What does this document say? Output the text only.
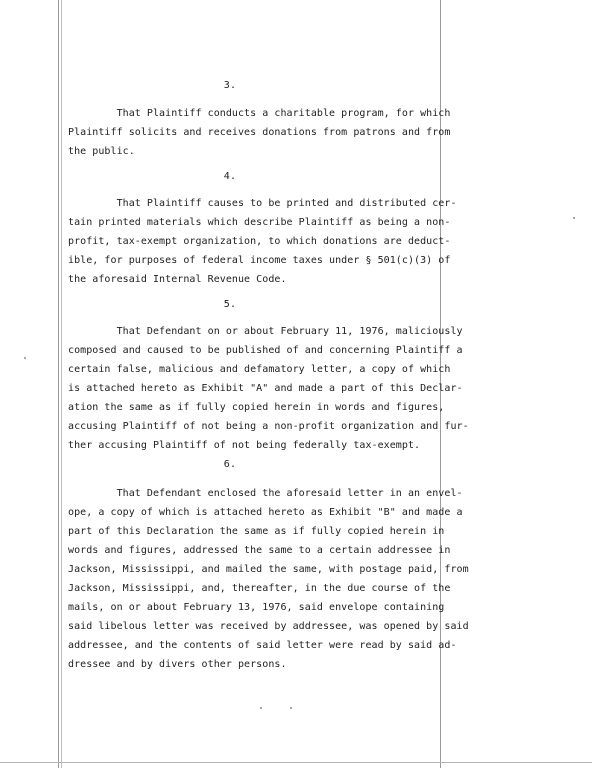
3.
That Plaintiff conducts a charitable program, for which
Plaintiff solicits and receives donations from patrons and from
the public.
4.
That Plaintiff causes to be printed and distributed cer-
tain printed materials which describe Plaintiff as being a non-
profit, tax-exempt organization, to which donations are deduct-
ible, for purposes of federal income taxes under § 501(c)(3) of
the aforesaid Internal Revenue Code.
5.
That Defendant on or about February 11, 1976, maliciously
composed and caused to be published of and concerning Plaintiff a
certain false, malicious and defamatory letter, a copy of which
is attached hereto as Exhibit "A" and made a part of this Declar-
ation the same as if fully copied herein in words and figures,
accusing Plaintiff of not being a non-profit organization and fur-
ther accusing Plaintiff of not being federally tax-exempt.
6.
That Defendant enclosed the aforesaid letter in an envel-
ope, a copy of which is attached hereto as Exhibit "B" and made a
part of this Declaration the same as if fully copied herein in
words and figures, addressed the same to a certain addressee in
Jackson, Mississippi, and mailed the same, with postage paid, from
Jackson, Mississippi, and, thereafter, in the due course of the
mails, on or about February 13, 1976, said envelope containing
said libelous letter was received by addressee, was opened by said
addressee, and the contents of said letter were read by said ad-
dressee and by divers other persons.
